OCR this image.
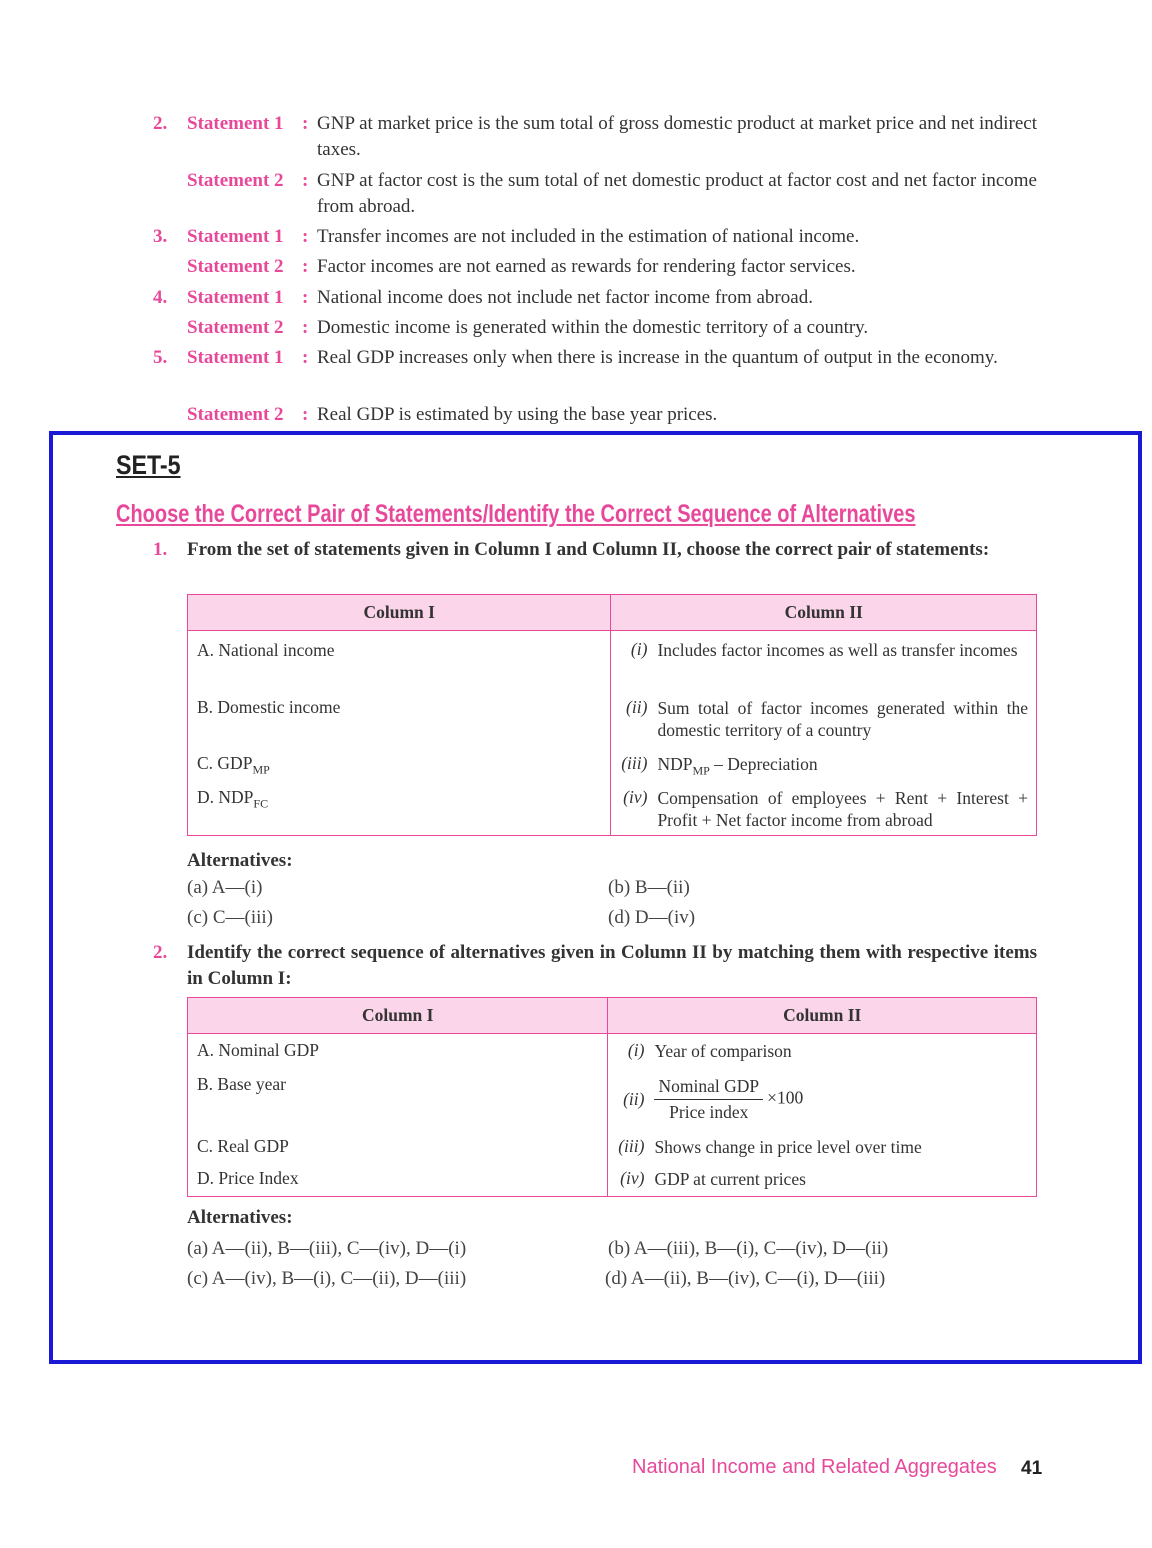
2.	Statement 1 : GNP at market price is the sum total of gross domestic product at market price and net indirect taxes.
Statement 2 : GNP at factor cost is the sum total of net domestic product at factor cost and net factor income from abroad.
3.	Statement 1 : Transfer incomes are not included in the estimation of national income.
Statement 2 : Factor incomes are not earned as rewards for rendering factor services.
4.	Statement 1 : National income does not include net factor income from abroad.
Statement 2 : Domestic income is generated within the domestic territory of a country.
5.	Statement 1 : Real GDP increases only when there is increase in the quantum of output in the economy.
Statement 2 : Real GDP is estimated by using the base year prices.
SET-5
Choose the Correct Pair of Statements/Identify the Correct Sequence of Alternatives
1. From the set of statements given in Column I and Column II, choose the correct pair of statements:
Column I	Column II

A. National income	(i) Includes factor incomes as well as transfer incomes

B. Domestic income	(ii) Sum total of factor incomes generated within the domestic territory of a country

C. $GDP_{MP}$	(iii) $NDP_{MP}$ – Depreciation

D. $NDP_{FC}$	(iv) Compensation of employees + Rent + Interest + Profit + Net factor income from abroad
Alternatives:
(a) A—(i)	(b) B—(ii)
(c) C—(iii)	(d) D—(iv)
2. Identify the correct sequence of alternatives given in Column II by matching them with respective items in Column I:
Column I	Column II

A. Nominal GDP	(i) Year of comparison

B. Base year	$(ii) \frac{\text{Nominal GDP}}{\text{Price index}} \times 100$

C. Real GDP	(iii) Shows change in price level over time

D. Price Index	(iv) GDP at current prices
Alternatives:
(a) A—(ii), B—(iii), C—(iv), D—(i)	(b) A—(iii), B—(i), C—(iv), D—(ii)
(c) A—(iv), B—(i), C—(ii), D—(iii)	(d) A—(ii), B—(iv), C—(i), D—(iii)
National Income and Related Aggregates 41
